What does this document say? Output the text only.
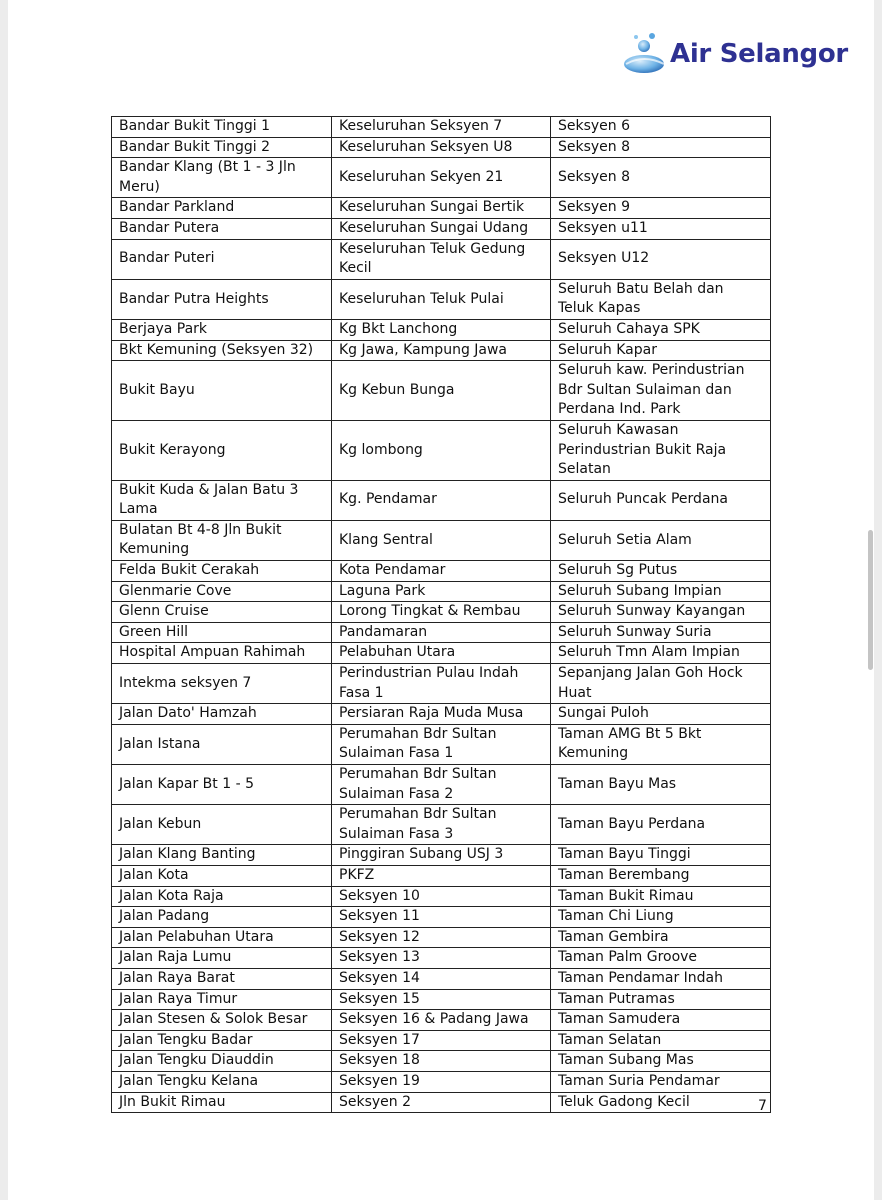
Air Selangor
Bandar Bukit Tinggi 1	Keseluruhan Seksyen 7	Seksyen 6
Bandar Bukit Tinggi 2	Keseluruhan Seksyen U8	Seksyen 8
Bandar Klang (Bt 1 - 3 Jln Meru)	Keseluruhan Sekyen 21	Seksyen 8
Bandar Parkland	Keseluruhan Sungai Bertik	Seksyen 9
Bandar Putera	Keseluruhan Sungai Udang	Seksyen u11
Bandar Puteri	Keseluruhan Teluk Gedung Kecil	Seksyen U12
Bandar Putra Heights	Keseluruhan Teluk Pulai	Seluruh Batu Belah dan Teluk Kapas
Berjaya Park	Kg Bkt Lanchong	Seluruh Cahaya SPK
Bkt Kemuning (Seksyen 32)	Kg Jawa, Kampung Jawa	Seluruh Kapar
Bukit Bayu	Kg Kebun Bunga	Seluruh kaw. Perindustrian Bdr Sultan Sulaiman dan Perdana Ind. Park
Bukit Kerayong	Kg lombong	Seluruh Kawasan Perindustrian Bukit Raja Selatan
Bukit Kuda & Jalan Batu 3 Lama	Kg. Pendamar	Seluruh Puncak Perdana
Bulatan Bt 4-8 Jln Bukit Kemuning	Klang Sentral	Seluruh Setia Alam
Felda Bukit Cerakah	Kota Pendamar	Seluruh Sg Putus
Glenmarie Cove	Laguna Park	Seluruh Subang Impian
Glenn Cruise	Lorong Tingkat & Rembau	Seluruh Sunway Kayangan
Green Hill	Pandamaran	Seluruh Sunway Suria
Hospital Ampuan Rahimah	Pelabuhan Utara	Seluruh Tmn Alam Impian
Intekma seksyen 7	Perindustrian Pulau Indah Fasa 1	Sepanjang Jalan Goh Hock Huat
Jalan Dato' Hamzah	Persiaran Raja Muda Musa	Sungai Puloh
Jalan Istana	Perumahan Bdr Sultan Sulaiman Fasa 1	Taman AMG Bt 5 Bkt Kemuning
Jalan Kapar Bt 1 - 5	Perumahan Bdr Sultan Sulaiman Fasa 2	Taman Bayu Mas
Jalan Kebun	Perumahan Bdr Sultan Sulaiman Fasa 3	Taman Bayu Perdana
Jalan Klang Banting	Pinggiran Subang USJ 3	Taman Bayu Tinggi
Jalan Kota	PKFZ	Taman Berembang
Jalan Kota Raja	Seksyen 10	Taman Bukit Rimau
Jalan Padang	Seksyen 11	Taman Chi Liung
Jalan Pelabuhan Utara	Seksyen 12	Taman Gembira
Jalan Raja Lumu	Seksyen 13	Taman Palm Groove
Jalan Raya Barat	Seksyen 14	Taman Pendamar Indah
Jalan Raya Timur	Seksyen 15	Taman Putramas
Jalan Stesen & Solok Besar	Seksyen 16 & Padang Jawa	Taman Samudera
Jalan Tengku Badar	Seksyen 17	Taman Selatan
Jalan Tengku Diauddin	Seksyen 18	Taman Subang Mas
Jalan Tengku Kelana	Seksyen 19	Taman Suria Pendamar
Jln Bukit Rimau	Seksyen 2	Teluk Gadong Kecil	7
